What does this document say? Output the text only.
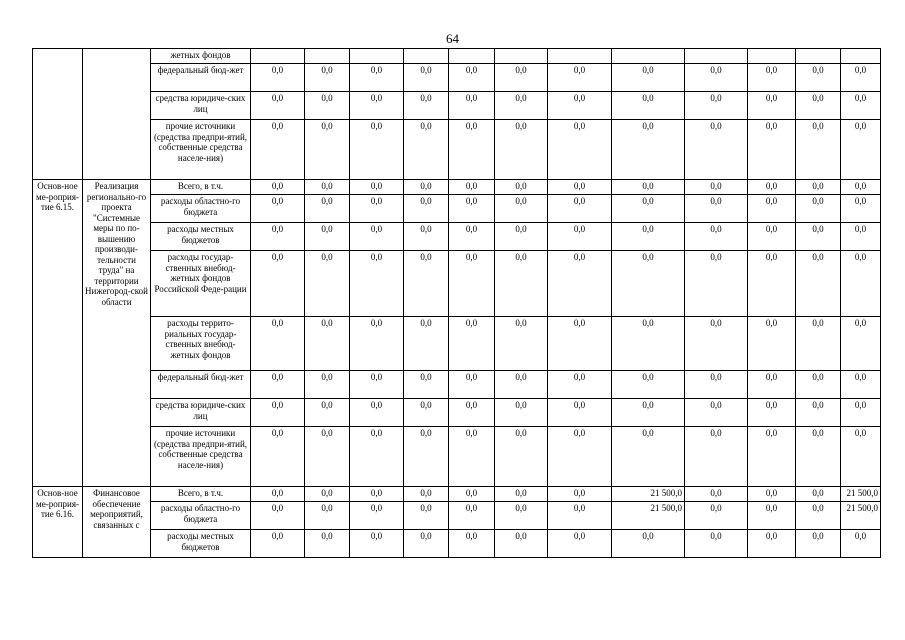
64
		жетных фондов												
		федеральный бюд-жет	0,0	0,0	0,0	0,0	0,0	0,0	0,0	0,0	0,0	0,0	0,0	0,0
		средства юридиче-ских лиц	0,0	0,0	0,0	0,0	0,0	0,0	0,0	0,0	0,0	0,0	0,0	0,0
		прочие источники (средства предпри-ятий, собственные средства населе-ния)	0,0	0,0	0,0	0,0	0,0	0,0	0,0	0,0	0,0	0,0	0,0	0,0
Основ-ное ме-роприя-тие 6.15.	Реализация регионально-го проекта "Системные меры по по-вышению производи-тельности труда" на территории Нижегород-ской области	Всего, в т.ч.	0,0	0,0	0,0	0,0	0,0	0,0	0,0	0,0	0,0	0,0	0,0	0,0
		расходы областно-го бюджета	0,0	0,0	0,0	0,0	0,0	0,0	0,0	0,0	0,0	0,0	0,0	0,0
		расходы местных бюджетов	0,0	0,0	0,0	0,0	0,0	0,0	0,0	0,0	0,0	0,0	0,0	0,0
		расходы государ-ственных внебюд-жетных фондов Российской Феде-рации	0,0	0,0	0,0	0,0	0,0	0,0	0,0	0,0	0,0	0,0	0,0	0,0
		расходы террито-риальных государ-ственных внебюд-жетных фондов	0,0	0,0	0,0	0,0	0,0	0,0	0,0	0,0	0,0	0,0	0,0	0,0
		федеральный бюд-жет	0,0	0,0	0,0	0,0	0,0	0,0	0,0	0,0	0,0	0,0	0,0	0,0
		средства юридиче-ских лиц	0,0	0,0	0,0	0,0	0,0	0,0	0,0	0,0	0,0	0,0	0,0	0,0
		прочие источники (средства предпри-ятий, собственные средства населе-ния)	0,0	0,0	0,0	0,0	0,0	0,0	0,0	0,0	0,0	0,0	0,0	0,0
Основ-ное ме-роприя-тие 6.16.	Финансовое обеспечение мероприятий, связанных с	Всего, в т.ч.	0,0	0,0	0,0	0,0	0,0	0,0	0,0	21 500,0	0,0	0,0	0,0	21 500,0
		расходы областно-го бюджета	0,0	0,0	0,0	0,0	0,0	0,0	0,0	21 500,0	0,0	0,0	0,0	21 500,0
		расходы местных бюджетов	0,0	0,0	0,0	0,0	0,0	0,0	0,0	0,0	0,0	0,0	0,0	0,0
